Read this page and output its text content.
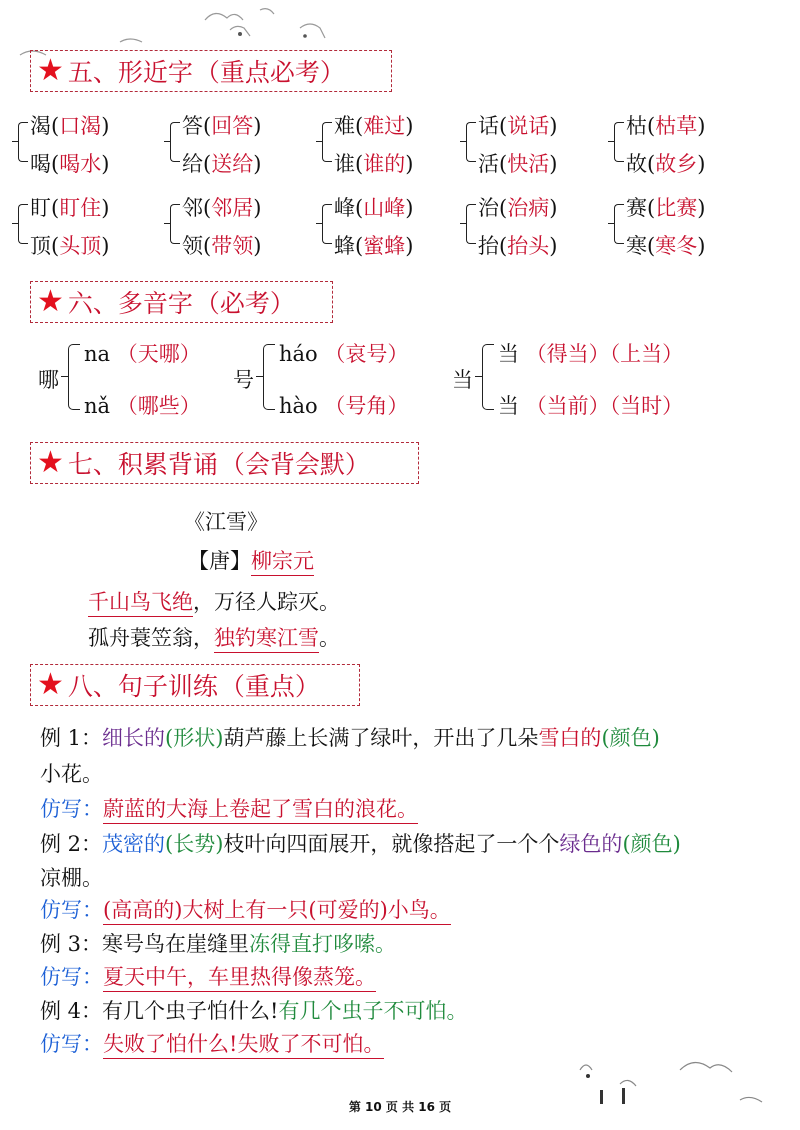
★ 五、形近字 （重点必考）
渴(口渴)
喝(喝水)
答(回答)
给(送给)
难(难过)
谁(谁的)
话(说话)
活(快活)
枯(枯草)
故(故乡)
盯(盯住)
顶(头顶)
邻(邻居)
领(带领)
峰(山峰)
蜂(蜜蜂)
治(治病)
抬(抬头)
赛(比赛)
寒(寒冬)
★ 六、多音字 （必考）
哪
na （天哪）
nǎ （哪些）
号
háo （哀号）
hào （号角）
当
当 （得当）（上当）
当 （当前）（当时）
★ 七、积累背诵 （会背会默）
《江雪》
【唐】柳宗元
千山鸟飞绝，万径人踪灭。
孤舟蓑笠翁，独钓寒江雪。
★ 八、句子训练 （重点）
例 1：细长的(形状)葫芦藤上长满了绿叶，开出了几朵雪白的(颜色)
小花。
仿写：蔚蓝的大海上卷起了雪白的浪花。
例 2：茂密的(长势)枝叶向四面展开，就像搭起了一个个绿色的(颜色)
凉棚。
仿写：(高高的)大树上有一只(可爱的)小鸟。
例 3：寒号鸟在崖缝里冻得直打哆嗦。
仿写：夏天中午，车里热得像蒸笼。
例 4：有几个虫子怕什么!有几个虫子不可怕。
仿写：失败了怕什么!失败了不可怕。
第 10 页 共 16 页
